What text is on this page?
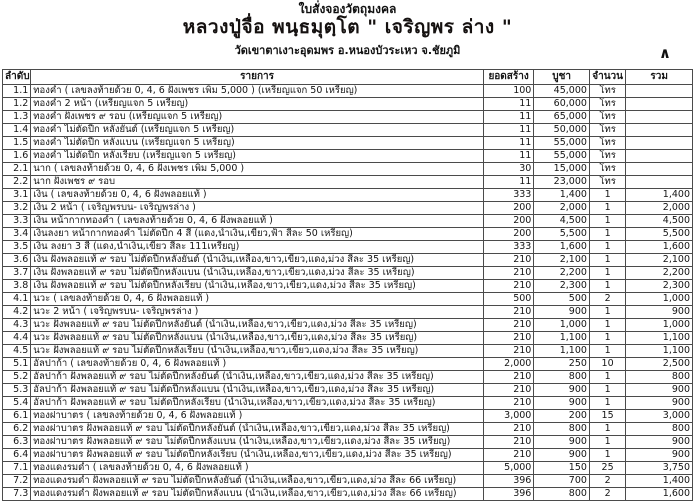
ใบสั่งจองวัตถุมงคล
หลวงปู่จื่อ พนฺธมุตฺโต " เจริญพร ล่าง "
วัดเขาตาเงาะอุดมพร อ.หนองบัวระเหว จ.ชัยภูมิ	∧
ลำดับ	รายการ	ยอดสร้าง	บูชา	จำนวน	รวม
1.1	ทองคำ ( เลขลงท้ายด้วย 0, 4, 6 ฝังเพชร เพิ่ม 5,000 ) (เหรียญแจก 50 เหรียญ)	100	45,000	โทร	
1.2	ทองคำ 2 หน้า (เหรียญแจก 5 เหรียญ)	11	60,000	โทร	
1.3	ทองคำ ฝังเพชร ๙ รอบ (เหรียญแจก 5 เหรียญ)	11	65,000	โทร	
1.4	ทองคำ ไม่ตัดปีก หลังยันต์ (เหรียญแจก 5 เหรียญ)	11	50,000	โทร	
1.5	ทองคำ ไม่ตัดปีก หลังแบน (เหรียญแจก 5 เหรียญ)	11	55,000	โทร	
1.6	ทองคำ ไม่ตัดปีก หลังเรียบ (เหรียญแจก 5 เหรียญ)	11	55,000	โทร	
2.1	นาก ( เลขลงท้ายด้วย 0, 4, 6 ฝังเพชร เพิ่ม 5,000 )	30	15,000	โทร	
2.2	นาก ฝังเพชร ๙ รอบ	11	23,000	โทร	
3.1	เงิน ( เลขลงท้ายด้วย 0, 4, 6 ฝังพลอยแท้ )	333	1,400	1	1,400
3.2	เงิน 2 หน้า ( เจริญพรบน- เจริญพรล่าง )	200	2,000	1	2,000
3.3	เงิน หน้ากากทองคำ ( เลขลงท้ายด้วย 0, 4, 6 ฝังพลอยแท้ )	200	4,500	1	4,500
3.4	เงินลงยา หน้ากากทองคำ ไม่ตัดปีก 4 สี (แดง,น้ำเงิน,เขียว,ฟ้า สีละ 50 เหรียญ)	200	5,500	1	5,500
3.5	เงิน ลงยา 3 สี (แดง,น้ำเงิน,เขียว สีละ 111เหรียญ)	333	1,600	1	1,600
3.6	เงิน ฝังพลอยแท้ ๙ รอบ ไม่ตัดปีกหลังยันต์ (น้ำเงิน,เหลือง,ขาว,เขียว,แดง,ม่วง สีละ 35 เหรียญ)	210	2,100	1	2,100
3.7	เงิน ฝังพลอยแท้ ๙ รอบ ไม่ตัดปีกหลังแบน (น้ำเงิน,เหลือง,ขาว,เขียว,แดง,ม่วง สีละ 35 เหรียญ)	210	2,200	1	2,200
3.8	เงิน ฝังพลอยแท้ ๙ รอบ ไม่ตัดปีกหลังเรียบ (น้ำเงิน,เหลือง,ขาว,เขียว,แดง,ม่วง สีละ 35 เหรียญ)	210	2,300	1	2,300
4.1	นวะ ( เลขลงท้ายด้วย 0, 4, 6 ฝังพลอยแท้ )	500	500	2	1,000
4.2	นวะ 2 หน้า ( เจริญพรบน- เจริญพรล่าง )	210	900	1	900
4.3	นวะ ฝังพลอยแท้ ๙ รอบ ไม่ตัดปีกหลังยันต์ (น้ำเงิน,เหลือง,ขาว,เขียว,แดง,ม่วง สีละ 35 เหรียญ)	210	1,000	1	1,000
4.4	นวะ ฝังพลอยแท้ ๙ รอบ ไม่ตัดปีกหลังแบน (น้ำเงิน,เหลือง,ขาว,เขียว,แดง,ม่วง สีละ 35 เหรียญ)	210	1,100	1	1,100
4.5	นวะ ฝังพลอยแท้ ๙ รอบ ไม่ตัดปีกหลังเรียบ (น้ำเงิน,เหลือง,ขาว,เขียว,แดง,ม่วง สีละ 35 เหรียญ)	210	1,100	1	1,100
5.1	อัลปาก้า ( เลขลงท้ายด้วย 0, 4, 6 ฝังพลอยแท้ )	2,000	250	10	2,500
5.2	อัลปาก้า ฝังพลอยแท้ ๙ รอบ ไม่ตัดปีกหลังยันต์ (น้ำเงิน,เหลือง,ขาว,เขียว,แดง,ม่วง สีละ 35 เหรียญ)	210	800	1	800
5.3	อัลปาก้า ฝังพลอยแท้ ๙ รอบ ไม่ตัดปีกหลังแบน (น้ำเงิน,เหลือง,ขาว,เขียว,แดง,ม่วง สีละ 35 เหรียญ)	210	900	1	900
5.4	อัลปาก้า ฝังพลอยแท้ ๙ รอบ ไม่ตัดปีกหลังเรียบ (น้ำเงิน,เหลือง,ขาว,เขียว,แดง,ม่วง สีละ 35 เหรียญ)	210	900	1	900
6.1	ทองฝาบาตร ( เลขลงท้ายด้วย 0, 4, 6 ฝังพลอยแท้ )	3,000	200	15	3,000
6.2	ทองฝาบาตร ฝังพลอยแท้ ๙ รอบ ไม่ตัดปีกหลังยันต์ (น้ำเงิน,เหลือง,ขาว,เขียว,แดง,ม่วง สีละ 35 เหรียญ)	210	800	1	800
6.3	ทองฝาบาตร ฝังพลอยแท้ ๙ รอบ ไม่ตัดปีกหลังแบน (น้ำเงิน,เหลือง,ขาว,เขียว,แดง,ม่วง สีละ 35 เหรียญ)	210	900	1	900
6.4	ทองฝาบาตร ฝังพลอยแท้ ๙ รอบ ไม่ตัดปีกหลังเรียบ (น้ำเงิน,เหลือง,ขาว,เขียว,แดง,ม่วง สีละ 35 เหรียญ)	210	900	1	900
7.1	ทองแดงรมดำ ( เลขลงท้ายด้วย 0, 4, 6 ฝังพลอยแท้ )	5,000	150	25	3,750
7.2	ทองแดงรมดำ ฝังพลอยแท้ ๙ รอบ ไม่ตัดปีกหลังยันต์ (น้ำเงิน,เหลือง,ขาว,เขียว,แดง,ม่วง สีละ 66 เหรียญ)	396	700	2	1,400
7.3	ทองแดงรมดำ ฝังพลอยแท้ ๙ รอบ ไม่ตัดปีกหลังแบน (น้ำเงิน,เหลือง,ขาว,เขียว,แดง,ม่วง สีละ 66 เหรียญ)	396	800	2	1,600
